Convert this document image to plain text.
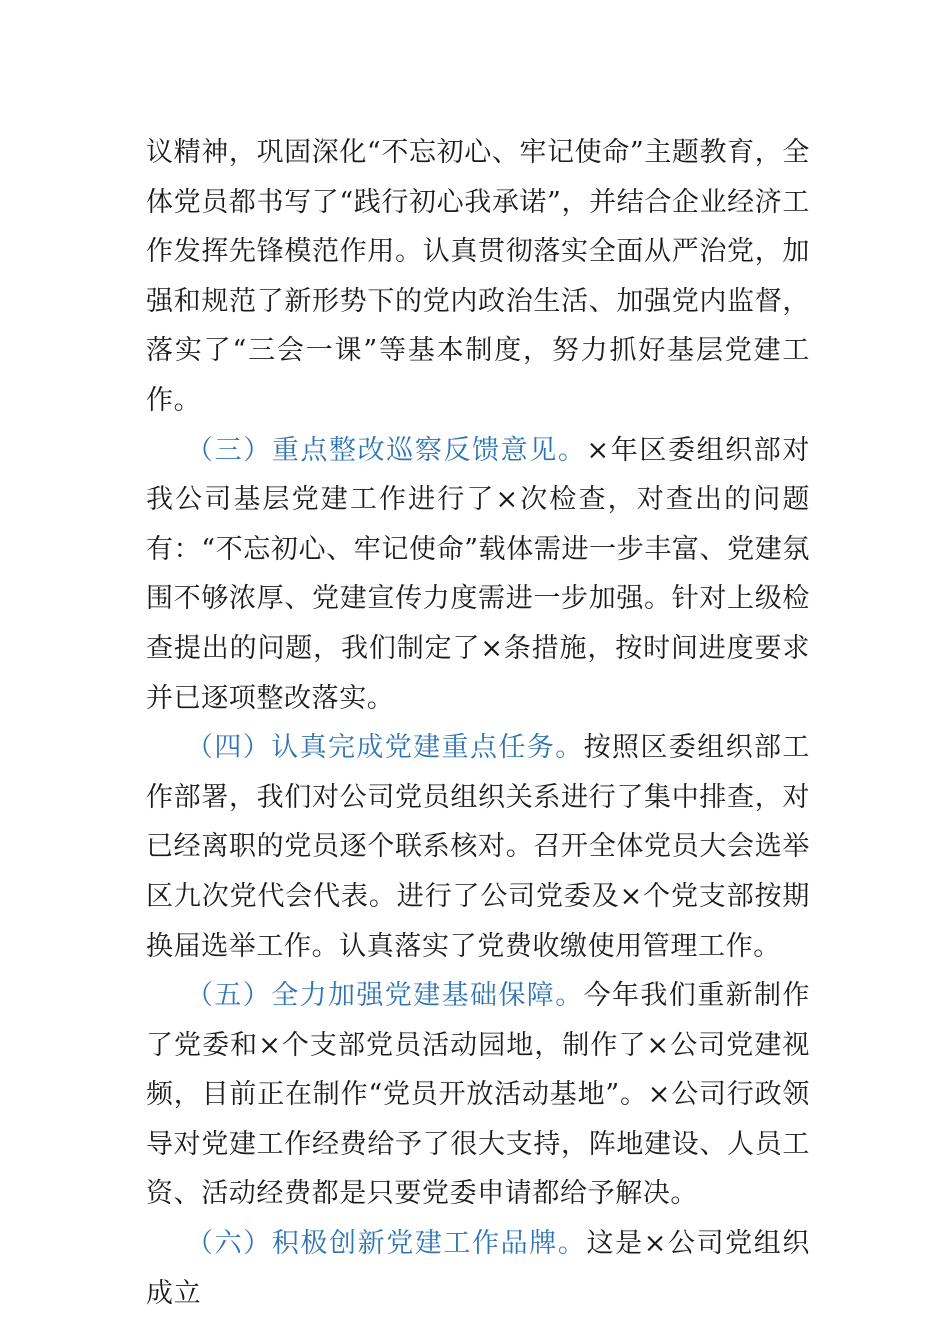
议精神，巩固深化“不忘初心、牢记使命”主题教育，全体党员都书写了“践行初心我承诺”，并结合企业经济工作发挥先锋模范作用。认真贯彻落实全面从严治党，加强和规范了新形势下的党内政治生活、加强党内监督，落实了“三会一课”等基本制度，努力抓好基层党建工作。

（三）重点整改巡察反馈意见。×年区委组织部对我公司基层党建工作进行了×次检查，对查出的问题有：“不忘初心、牢记使命”载体需进一步丰富、党建氛围不够浓厚、党建宣传力度需进一步加强。针对上级检查提出的问题，我们制定了×条措施，按时间进度要求并已逐项整改落实。

（四）认真完成党建重点任务。按照区委组织部工作部署，我们对公司党员组织关系进行了集中排查，对已经离职的党员逐个联系核对。召开全体党员大会选举区九次党代会代表。进行了公司党委及×个党支部按期换届选举工作。认真落实了党费收缴使用管理工作。

（五）全力加强党建基础保障。今年我们重新制作了党委和×个支部党员活动园地，制作了×公司党建视频，目前正在制作“党员开放活动基地”。×公司行政领导对党建工作经费给予了很大支持，阵地建设、人员工资、活动经费都是只要党委申请都给予解决。

（六）积极创新党建工作品牌。这是×公司党组织成立
